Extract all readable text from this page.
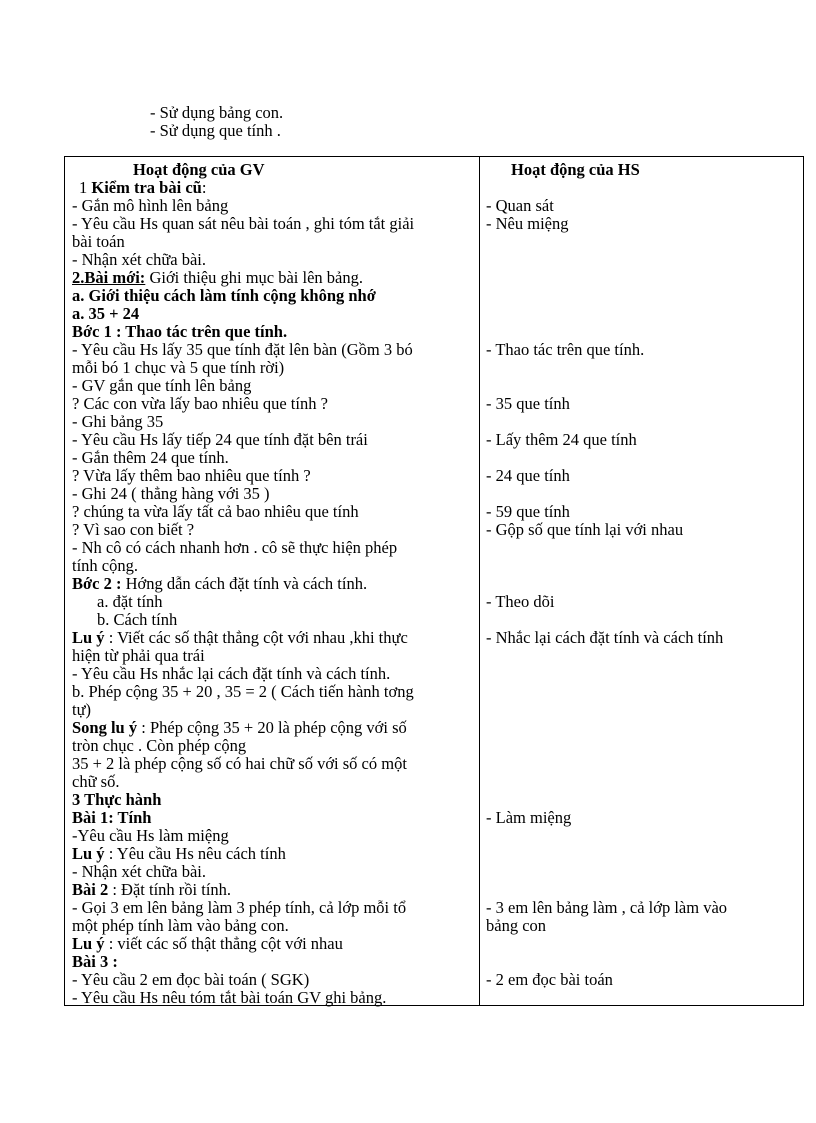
- Sử dụng bảng con.
- Sử dụng que tính .
Hoạt động của GV	Hoạt động của HS
1 Kiểm tra bài cũ:
- Gắn mô hình lên bảng
- Yêu cầu Hs quan sát nêu bài toán , ghi tóm tắt giải
bài toán
- Nhận xét chữa bài.
2.Bài mới: Giới thiệu ghi mục bài lên bảng.
a. Giới thiệu cách làm tính cộng không nhớ
a. 35 + 24
Bớc 1 : Thao tác trên que tính.
- Yêu cầu Hs lấy 35 que tính đặt lên bàn (Gồm 3 bó
mỗi bó 1 chục và 5 que tính rời)
- GV gắn que tính lên bảng
? Các con vừa lấy bao nhiêu que tính ?
- Ghi bảng 35
- Yêu cầu Hs lấy tiếp 24 que tính đặt bên trái
- Gắn thêm 24 que tính.
? Vừa lấy thêm bao nhiêu que tính ?
- Ghi 24 ( thẳng hàng với 35 )
? chúng ta vừa lấy tất cả bao nhiêu que tính
? Vì sao con biết ?
- Nh cô có cách nhanh hơn . cô sẽ thực hiện phép
tính cộng.
Bớc 2 : Hớng dẫn cách đặt tính và cách tính.
a. đặt tính
b. Cách tính
Lu ý : Viết các số thật thẳng cột với nhau ,khi thực
hiện từ phải qua trái
- Yêu cầu Hs nhắc lại cách đặt tính và cách tính.
b. Phép cộng 35 + 20 , 35 = 2 ( Cách tiến hành tơng
tự)
Song lu ý : Phép cộng 35 + 20 là phép cộng với số
tròn chục . Còn phép cộng
35 + 2 là phép cộng số có hai chữ số với số có một
chữ số.
3 Thực hành
Bài 1: Tính
-Yêu cầu Hs làm miệng
Lu ý : Yêu cầu Hs nêu cách tính
- Nhận xét chữa bài.
Bài 2 : Đặt tính rồi tính.
- Gọi 3 em lên bảng làm 3 phép tính, cả lớp mỗi tổ
một phép tính làm vào bảng con.
Lu ý : viết các số thật thẳng cột với nhau
Bài 3 :
- Yêu cầu 2 em đọc bài toán ( SGK)
- Yêu cầu Hs nêu tóm tắt bài toán GV ghi bảng.
- Quan sát
- Nêu miệng
- Thao tác trên que tính.
- 35 que tính
- Lấy thêm 24 que tính
- 24 que tính
- 59 que tính
- Gộp số que tính lại với nhau
- Theo dõi
- Nhắc lại cách đặt tính và cách tính
- Làm miệng
- 3 em lên bảng làm , cả lớp làm vào
bảng con
- 2 em đọc bài toán
